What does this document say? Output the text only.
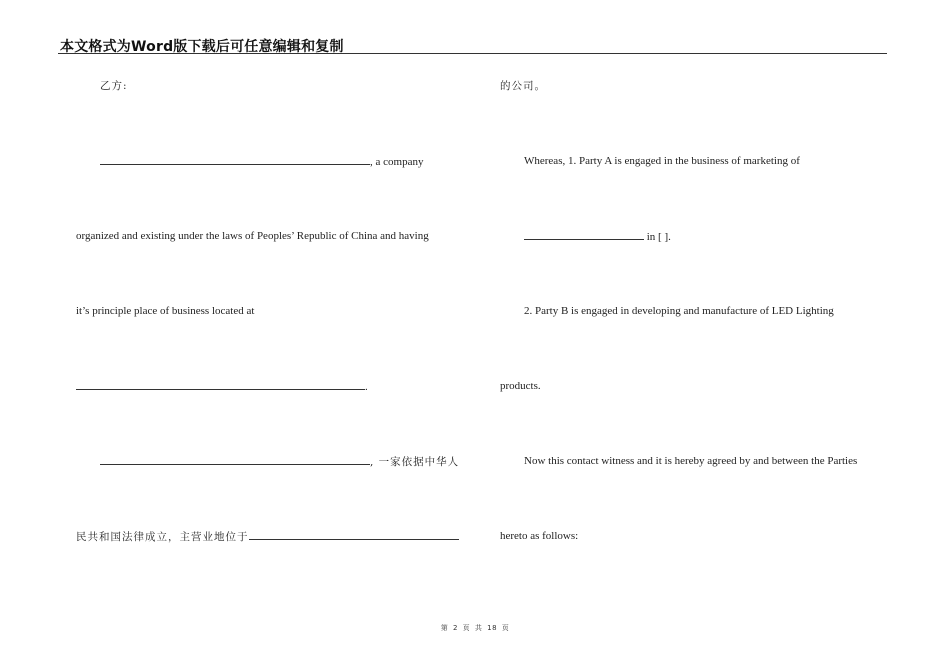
本文格式为Word版下载后可任意编辑和复制
乙方:
, a company
organized and existing under the laws of Peoples’ Republic of China and having
it’s principle place of business located at
.
, 一家依据中华人
民共和国法律成立，主营业地位于
的公司。
Whereas, 1. Party A is engaged in the business of marketing of
in [ ].
2. Party B is engaged in developing and manufacture of LED Lighting
products.
Now this contact witness and it is hereby agreed by and between the Parties
hereto as follows:
第 2 页 共 18 页
